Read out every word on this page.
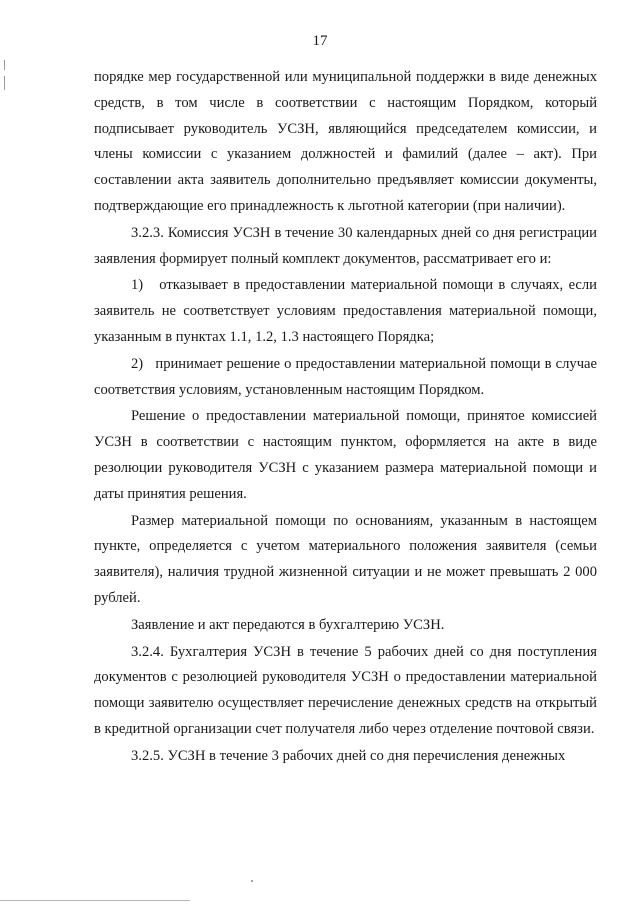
17

порядке мер государственной или муниципальной поддержки в виде денежных средств, в том числе в соответствии с настоящим Порядком, который подписывает руководитель УСЗН, являющийся председателем комиссии, и члены комиссии с указанием должностей и фамилий (далее – акт). При составлении акта заявитель дополнительно предъявляет комиссии документы, подтверждающие его принадлежность к льготной категории (при наличии).

3.2.3. Комиссия УСЗН в течение 30 календарных дней со дня регистрации заявления формирует полный комплект документов, рассматривает его и:

1)   отказывает в предоставлении материальной помощи в случаях, если заявитель не соответствует условиям предоставления материальной помощи, указанным в пунктах 1.1, 1.2, 1.3 настоящего Порядка;

2)   принимает решение о предоставлении материальной помощи в случае соответствия условиям, установленным настоящим Порядком.

Решение о предоставлении материальной помощи, принятое комиссией УСЗН в соответствии с настоящим пунктом, оформляется на акте в виде резолюции руководителя УСЗН с указанием размера материальной помощи и даты принятия решения.

Размер материальной помощи по основаниям, указанным в настоящем пункте, определяется с учетом материального положения заявителя (семьи заявителя), наличия трудной жизненной ситуации и не может превышать 2 000 рублей.

Заявление и акт передаются в бухгалтерию УСЗН.

3.2.4. Бухгалтерия УСЗН в течение 5 рабочих дней со дня поступления документов с резолюцией руководителя УСЗН о предоставлении материальной помощи заявителю осуществляет перечисление денежных средств на открытый в кредитной организации счет получателя либо через отделение почтовой связи.

3.2.5. УСЗН в течение 3 рабочих дней со дня перечисления денежных
